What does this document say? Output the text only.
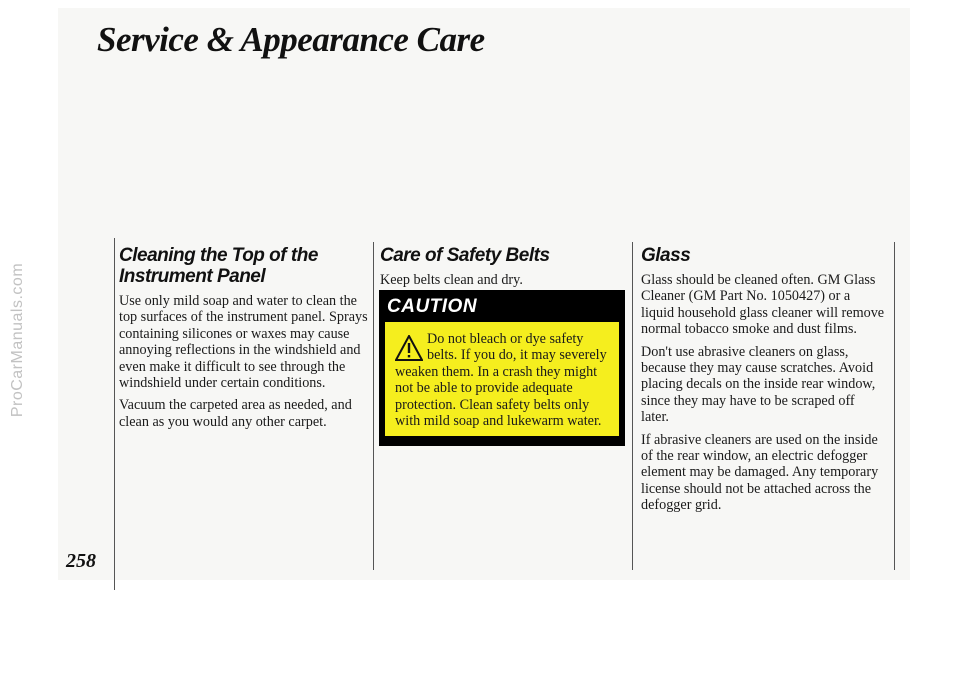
ProCarManuals.com
Service & Appearance Care
258
Cleaning the Top of the
Instrument Panel

Use only mild soap and water to clean the top surfaces of the instrument panel. Sprays containing silicones or waxes may cause annoying reflections in the windshield and even make it difficult to see through the windshield under certain conditions.

Vacuum the carpeted area as needed, and clean as you would any other carpet.

Care of Safety Belts

Keep belts clean and dry.

CAUTION

Do not bleach or dye safety belts. If you do, it may severely weaken them. In a crash they might not be able to provide adequate protection. Clean safety belts only with mild soap and lukewarm water.

Glass

Glass should be cleaned often. GM Glass Cleaner (GM Part No. 1050427) or a liquid household glass cleaner will remove normal tobacco smoke and dust films.

Don't use abrasive cleaners on glass, because they may cause scratches. Avoid placing decals on the inside rear window, since they may have to be scraped off later.

If abrasive cleaners are used on the inside of the rear window, an electric defogger element may be damaged. Any temporary license should not be attached across the defogger grid.
